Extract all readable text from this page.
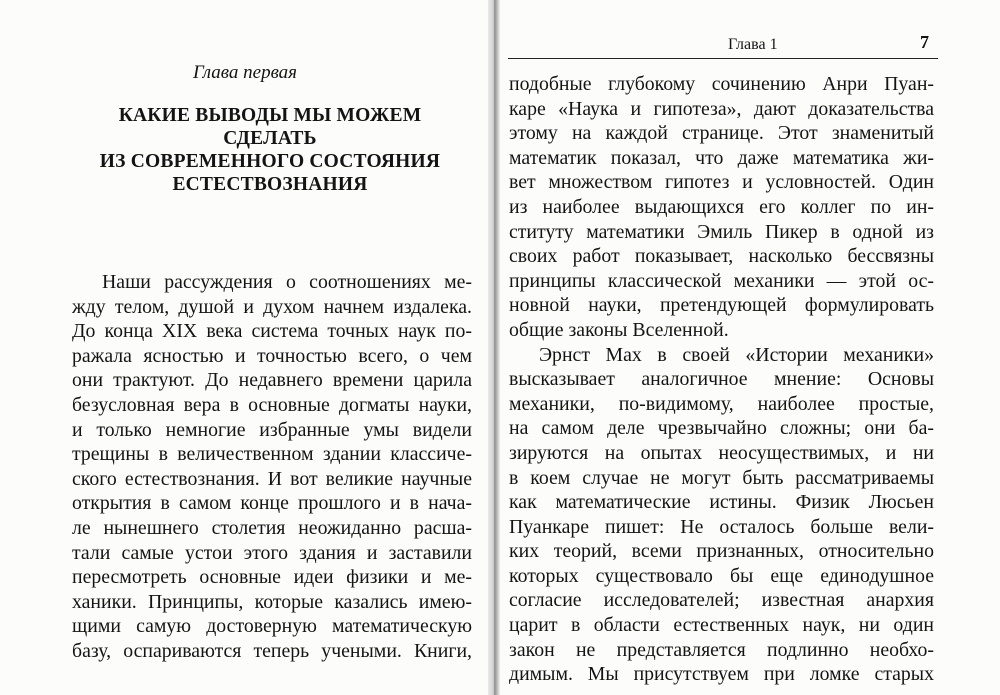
Глава первая
КАКИЕ ВЫВОДЫ МЫ МОЖЕМ СДЕЛАТЬ
ИЗ СОВРЕМЕННОГО СОСТОЯНИЯ
ЕСТЕСТВОЗНАНИЯ
Наши рассуждения о соотношениях ме-
жду телом, душой и духом начнем издалека.
До конца XIX века система точных наук по-
ражала ясностью и точностью всего, о чем
они трактуют. До недавнего времени царила
безусловная вера в основные догматы науки,
и только немногие избранные умы видели
трещины в величественном здании классиче-
ского естествознания. И вот великие научные
открытия в самом конце прошлого и в нача-
ле нынешнего столетия неожиданно расша-
тали самые устои этого здания и заставили
пересмотреть основные идеи физики и ме-
ханики. Принципы, которые казались имею-
щими самую достоверную математическую
базу, оспариваются теперь учеными. Книги,
подобные глубокому сочинению Анри Пуан-
каре «Наука и гипотеза», дают доказательства
этому на каждой странице. Этот знаменитый
математик показал, что даже математика жи-
вет множеством гипотез и условностей. Один
из наиболее выдающихся его коллег по ин-
ституту математики Эмиль Пикер в одной из
своих работ показывает, насколько бессвязны
принципы классической механики — этой ос-
новной науки, претендующей формулировать
общие законы Вселенной.
Эрнст Мах в своей «Истории механики»
высказывает аналогичное мнение: Основы
механики, по-видимому, наиболее простые,
на самом деле чрезвычайно сложны; они ба-
зируются на опытах неосуществимых, и ни
в коем случае не могут быть рассматриваемы
как математические истины. Физик Люсьен
Пуанкаре пишет: Не осталось больше вели-
ких теорий, всеми признанных, относительно
которых существовало бы еще единодушное
согласие исследователей; известная анархия
царит в области естественных наук, ни один
закон не представляется подлинно необхо-
димым. Мы присутствуем при ломке старых
Глава 1	7
